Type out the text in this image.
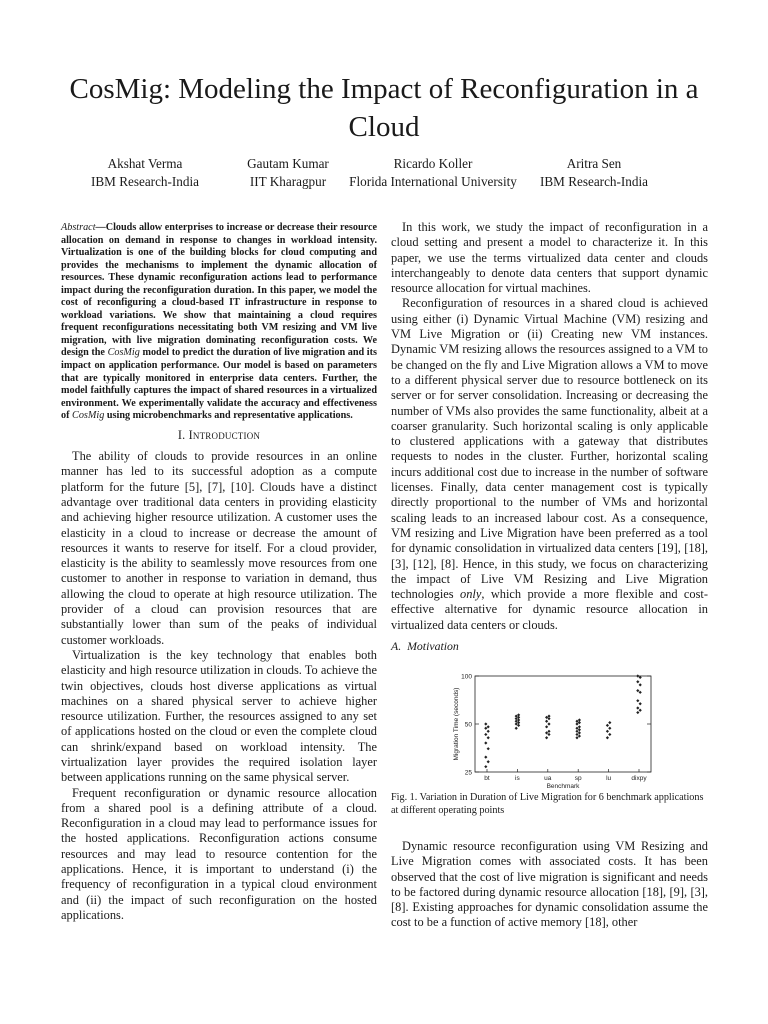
CosMig: Modeling the Impact of Reconfiguration in a Cloud
Akshat Verma
IBM Research-India
Gautam Kumar
IIT Kharagpur
Ricardo Koller
Florida International University
Aritra Sen
IBM Research-India
Abstract—Clouds allow enterprises to increase or decrease their resource allocation on demand in response to changes in workload intensity. Virtualization is one of the building blocks for cloud computing and provides the mechanisms to implement the dynamic allocation of resources. These dynamic reconfiguration actions lead to performance impact during the reconfiguration duration. In this paper, we model the cost of reconfiguring a cloud-based IT infrastructure in response to workload variations. We show that maintaining a cloud requires frequent reconfigurations necessitating both VM resizing and VM live migration, with live migration dominating reconfiguration costs. We design the CosMig model to predict the duration of live migration and its impact on application performance. Our model is based on parameters that are typically monitored in enterprise data centers. Further, the model faithfully captures the impact of shared resources in a virtualized environment. We experimentally validate the accuracy and effectiveness of CosMig using microbenchmarks and representative applications.
I. Introduction
The ability of clouds to provide resources in an online manner has led to its successful adoption as a compute platform for the future [5], [7], [10]. Clouds have a distinct advantage over traditional data centers in providing elasticity and achieving higher resource utilization. A customer uses the elasticity in a cloud to increase or decrease the amount of resources it wants to reserve for itself. For a cloud provider, elasticity is the ability to seamlessly move resources from one customer to another in response to variation in demand, thus allowing the cloud to operate at high resource utilization. The provider of a cloud can provision resources that are substantially lower than sum of the peaks of individual customer workloads.
Virtualization is the key technology that enables both elasticity and high resource utilization in clouds. To achieve the twin objectives, clouds host diverse applications as virtual machines on a shared physical server to achieve higher resource utilization. Further, the resources assigned to any set of applications hosted on the cloud or even the complete cloud can shrink/expand based on workload intensity. The virtualization layer provides the required isolation layer between applications running on the same physical server.
Frequent reconfiguration or dynamic resource allocation from a shared pool is a defining attribute of a cloud. Reconfiguration in a cloud may lead to performance issues for the hosted applications. Reconfiguration actions consume resources and may lead to resource contention for the applications. Hence, it is important to understand (i) the frequency of reconfiguration in a typical cloud environment and (ii) the impact of such reconfiguration on the hosted applications.
In this work, we study the impact of reconfiguration in a cloud setting and present a model to characterize it. In this paper, we use the terms virtualized data center and clouds interchangeably to denote data centers that support dynamic resource allocation for virtual machines.
Reconfiguration of resources in a shared cloud is achieved using either (i) Dynamic Virtual Machine (VM) resizing and VM Live Migration or (ii) Creating new VM instances. Dynamic VM resizing allows the resources assigned to a VM to be changed on the fly and Live Migration allows a VM to move to a different physical server due to resource bottleneck on its server or for server consolidation. Increasing or decreasing the number of VMs also provides the same functionality, albeit at a coarser granularity. Such horizontal scaling is only applicable to clustered applications with a gateway that distributes requests to nodes in the cluster. Further, horizontal scaling incurs additional cost due to increase in the number of software licenses. Finally, data center management cost is typically directly proportional to the number of VMs and horizontal scaling leads to an increased labour cost. As a consequence, VM resizing and Live Migration have been preferred as a tool for dynamic consolidation in virtualized data centers [19], [18], [3], [12], [8]. Hence, in this study, we focus on characterizing the impact of Live VM Resizing and Live Migration technologies only, which provide a more flexible and cost-effective alternative for dynamic resource allocation in virtualized data centers or clouds.
A. Motivation
25
50
100
bt	is	ua	sp	lu	dixpy
Benchmark
Migration Time (seconds)
Fig. 1. Variation in Duration of Live Migration for 6 benchmark applications at different operating points
Dynamic resource reconfiguration using VM Resizing and Live Migration comes with associated costs. It has been observed that the cost of live migration is significant and needs to be factored during dynamic resource allocation [18], [9], [3], [8]. Existing approaches for dynamic consolidation assume the cost to be a function of active memory [18], other
